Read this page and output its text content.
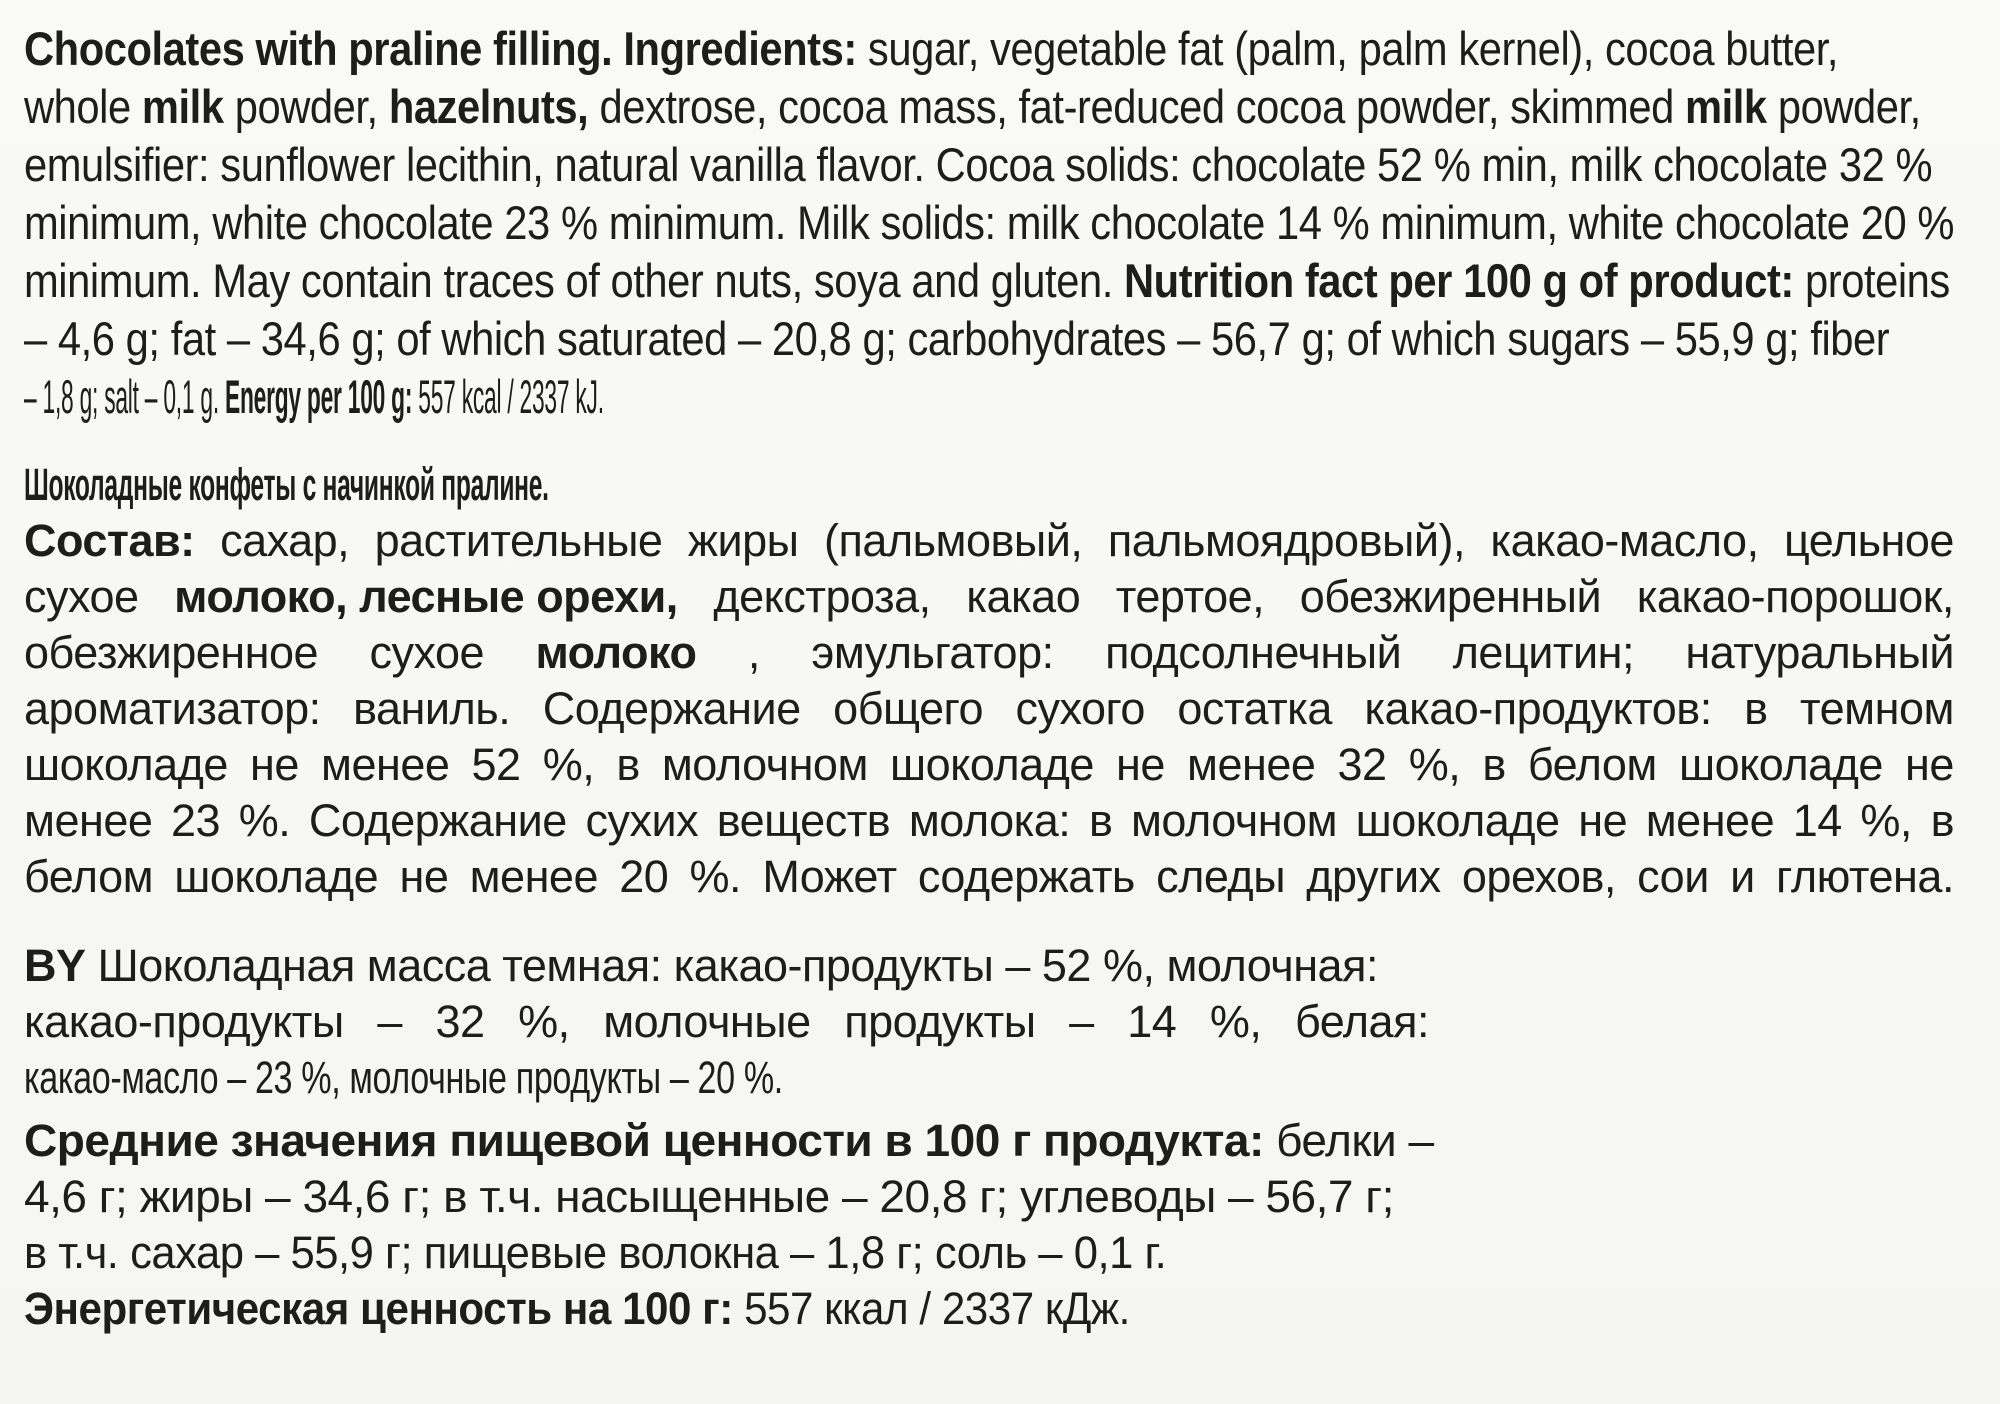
Chocolates with praline filling. Ingredients: sugar, vegetable fat (palm, palm kernel), cocoa butter,
whole milk powder, hazelnuts, dextrose, cocoa mass, fat-reduced cocoa powder, skimmed milk powder,
emulsifier: sunflower lecithin, natural vanilla flavor. Cocoa solids: chocolate 52 % min, milk chocolate 32 %
minimum, white chocolate 23 % minimum. Milk solids: milk chocolate 14 % minimum, white chocolate 20 %
minimum. May contain traces of other nuts, soya and gluten. Nutrition fact per 100 g of product: proteins
– 4,6 g; fat – 34,6 g; of which saturated – 20,8 g; carbohydrates – 56,7 g; of which sugars – 55,9 g; fiber
– 1,8 g; salt – 0,1 g. Energy per 100 g: 557 kcal / 2337 kJ.
Шоколадные конфеты с начинкой пралине.
Состав: сахар, растительные жиры (пальмовый, пальмоядровый), какао-масло, цельное
сухое молоко, лесные орехи, декстроза, какао тертое, обезжиренный какао-порошок,
обезжиренное сухое молоко , эмульгатор: подсолнечный лецитин; натуральный
ароматизатор: ваниль. Содержание общего сухого остатка какао-продуктов: в темном
шоколаде не менее 52 %, в молочном шоколаде не менее 32 %, в белом шоколаде не
менее 23 %. Содержание сухих веществ молока: в молочном шоколаде не менее 14 %, в
белом шоколаде не менее 20 %. Может содержать следы других орехов, сои и глютена.
BY Шоколадная масса темная: какао-продукты – 52 %, молочная:
какао-продукты – 32 %, молочные продукты – 14 %, белая:
какао-масло – 23 %, молочные продукты – 20 %.
Средние значения пищевой ценности в 100 г продукта: белки –
4,6 г; жиры – 34,6 г; в т.ч. насыщенные – 20,8 г; углеводы – 56,7 г;
в т.ч. сахар – 55,9 г; пищевые волокна – 1,8 г; соль – 0,1 г.
Энергетическая ценность на 100 г: 557 ккал / 2337 кДж.
